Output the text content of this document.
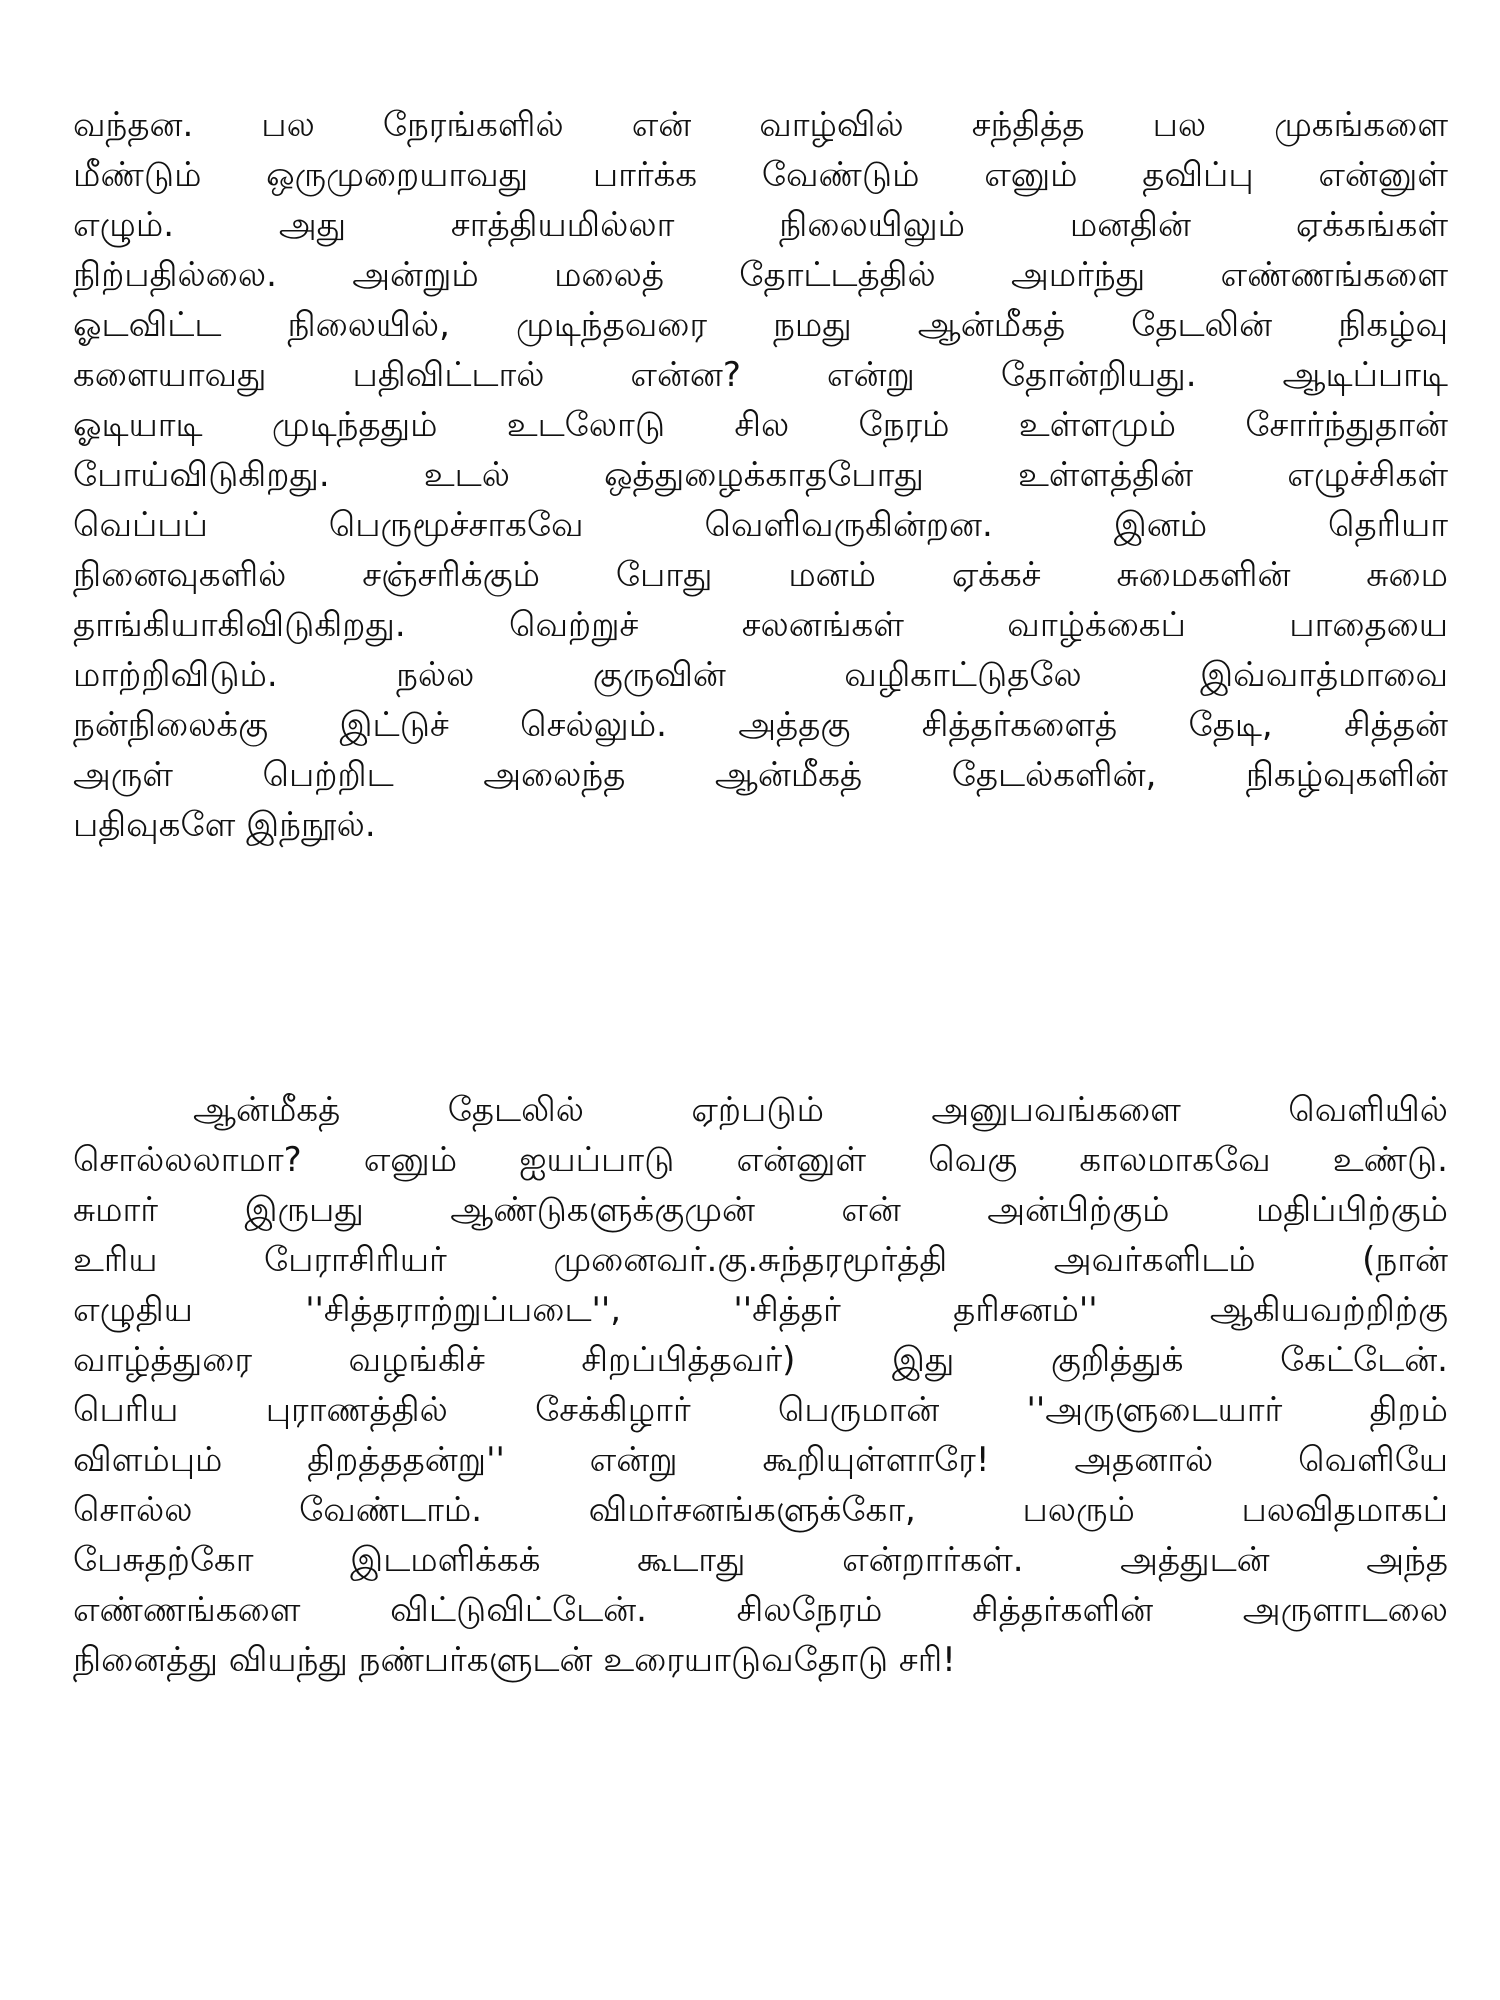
வந்தன. பல நேரங்களில் என் வாழ்வில் சந்தித்த பல முகங்களை
மீண்டும் ஒருமுறையாவது பார்க்க வேண்டும் எனும் தவிப்பு என்னுள்
எழும். அது சாத்தியமில்லா நிலையிலும் மனதின் ஏக்கங்கள்
நிற்பதில்லை. அன்றும் மலைத் தோட்டத்தில் அமர்ந்து எண்ணங்களை
ஓடவிட்ட நிலையில், முடிந்தவரை நமது ஆன்மீகத் தேடலின் நிகழ்வு
களையாவது பதிவிட்டால் என்ன? என்று தோன்றியது. ஆடிப்பாடி
ஓடியாடி முடிந்ததும் உடலோடு சில நேரம் உள்ளமும் சோர்ந்துதான்
போய்விடுகிறது. உடல் ஒத்துழைக்காதபோது உள்ளத்தின் எழுச்சிகள்
வெப்பப் பெருமூச்சாகவே வெளிவருகின்றன. இனம் தெரியா
நினைவுகளில் சஞ்சரிக்கும் போது மனம் ஏக்கச் சுமைகளின் சுமை
தாங்கியாகிவிடுகிறது. வெற்றுச் சலனங்கள் வாழ்க்கைப் பாதையை
மாற்றிவிடும். நல்ல குருவின் வழிகாட்டுதலே இவ்வாத்மாவை
நன்நிலைக்கு இட்டுச் செல்லும். அத்தகு சித்தர்களைத் தேடி, சித்தன்
அருள் பெற்றிட அலைந்த ஆன்மீகத் தேடல்களின், நிகழ்வுகளின்
பதிவுகளே இந்நூல்.
ஆன்மீகத் தேடலில் ஏற்படும் அனுபவங்களை வெளியில்
சொல்லலாமா? எனும் ஐயப்பாடு என்னுள் வெகு காலமாகவே உண்டு.
சுமார் இருபது ஆண்டுகளுக்குமுன் என் அன்பிற்கும் மதிப்பிற்கும்
உரிய பேராசிரியர் முனைவர்.கு.சுந்தரமூர்த்தி அவர்களிடம் (நான்
எழுதிய ''சித்தராற்றுப்படை'', ''சித்தர் தரிசனம்'' ஆகியவற்றிற்கு
வாழ்த்துரை வழங்கிச் சிறப்பித்தவர்) இது குறித்துக் கேட்டேன்.
பெரிய புராணத்தில் சேக்கிழார் பெருமான் ''அருளுடையார் திறம்
விளம்பும் திறத்ததன்று'' என்று கூறியுள்ளாரே! அதனால் வெளியே
சொல்ல வேண்டாம். விமர்சனங்களுக்கோ, பலரும் பலவிதமாகப்
பேசுதற்கோ இடமளிக்கக் கூடாது என்றார்கள். அத்துடன் அந்த
எண்ணங்களை விட்டுவிட்டேன். சிலநேரம் சித்தர்களின் அருளாடலை
நினைத்து வியந்து நண்பர்களுடன் உரையாடுவதோடு சரி!
